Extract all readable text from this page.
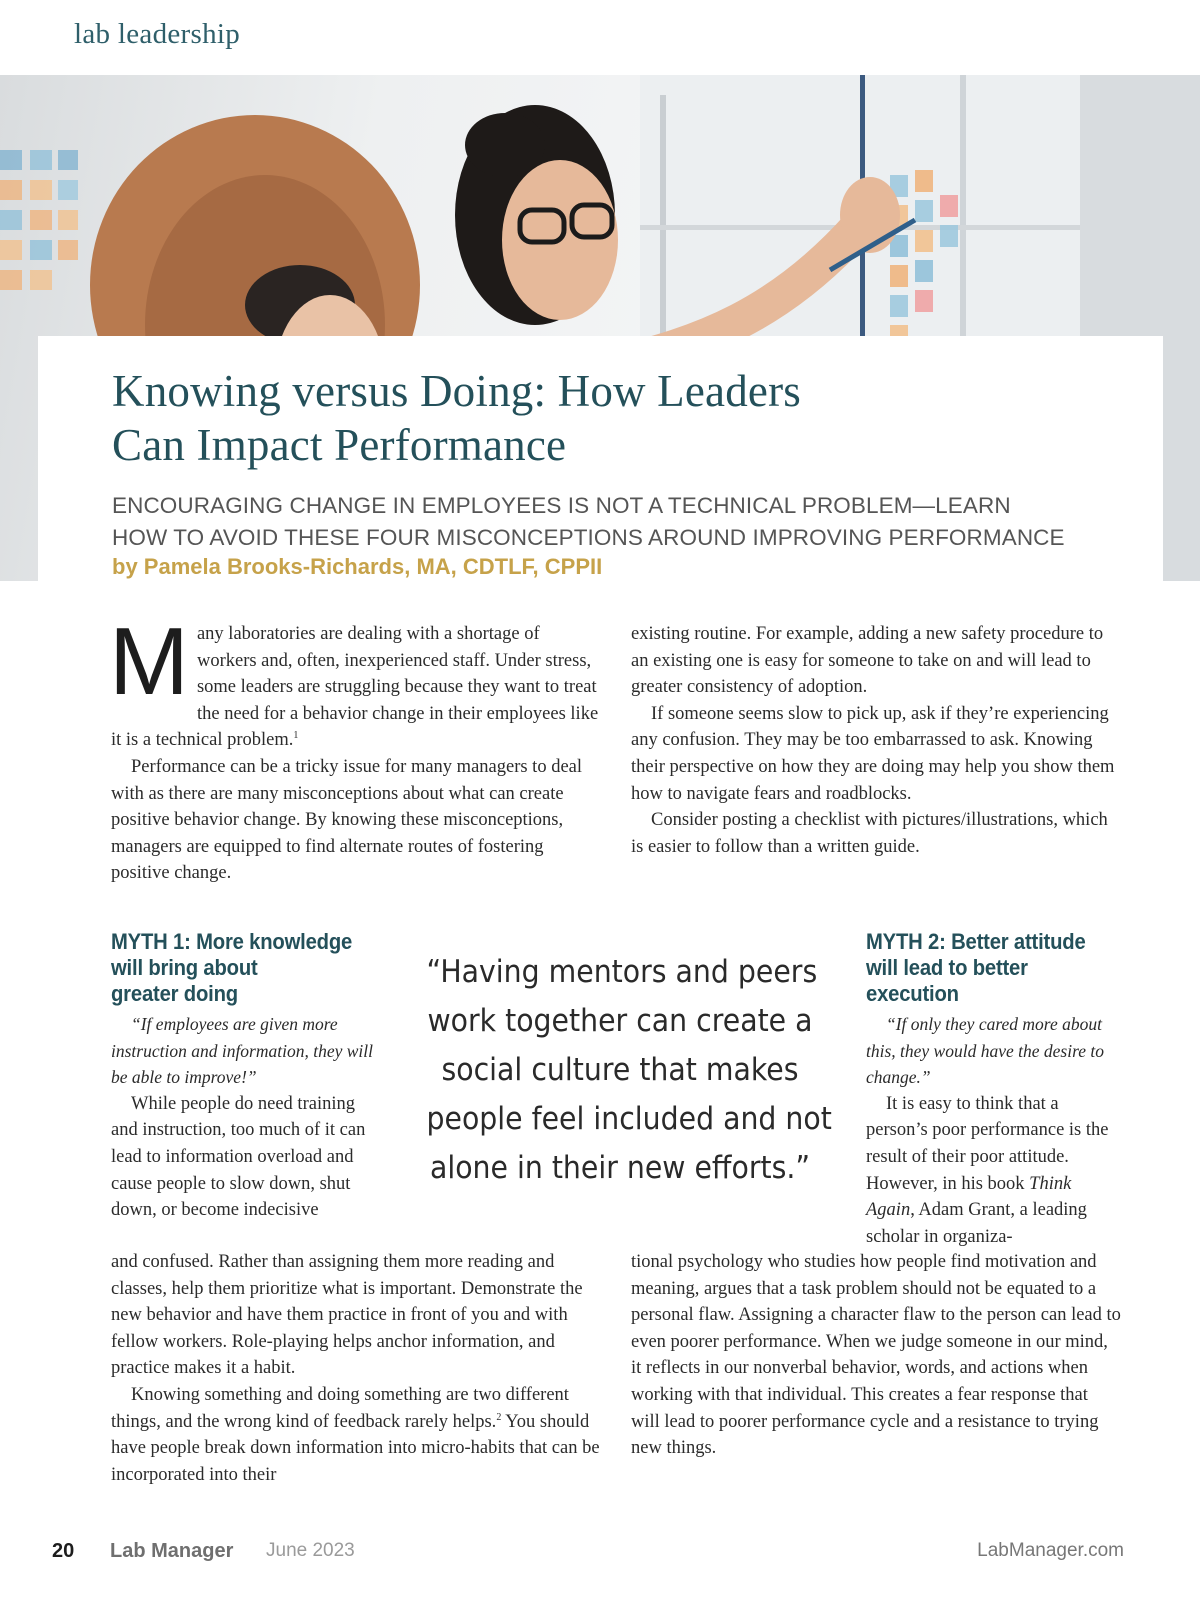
lab leadership
Knowing versus Doing: How Leaders
Can Impact Performance

ENCOURAGING CHANGE IN EMPLOYEES IS NOT A TECHNICAL PROBLEM—LEARN
HOW TO AVOID THESE FOUR MISCONCEPTIONS AROUND IMPROVING PERFORMANCE

by Pamela Brooks-Richards, MA, CDTLF, CPPII

Many laboratories are dealing with a shortage of workers and, often, inexperienced staff. Under stress, some leaders are struggling because they want to treat the need for a behavior change in their employees like it is a technical problem.$^1$

Performance can be a tricky issue for many managers to deal with as there are many misconceptions about what can create positive behavior change. By knowing these misconceptions, managers are equipped to find alternate routes of fostering positive change.

existing routine. For example, adding a new safety procedure to an existing one is easy for someone to take on and will lead to greater consistency of adoption.

If someone seems slow to pick up, ask if they’re experiencing any confusion. They may be too embarrassed to ask. Knowing their perspective on how they are doing may help you show them how to navigate fears and roadblocks.

Consider posting a checklist with pictures/illustrations, which is easier to follow than a written guide.

MYTH 1: More knowledge
will bring about
greater doing

“If employees are given more instruction and information, they will be able to improve!”

While people do need training and instruction, too much of it can lead to information overload and cause people to slow down, shut down, or become indecisive

and confused. Rather than assigning them more reading and classes, help them prioritize what is important. Demonstrate the new behavior and have them practice in front of you and with fellow workers. Role-playing helps anchor information, and practice makes it a habit.

Knowing something and doing something are two different things, and the wrong kind of feedback rarely helps.$^2$ You should have people break down information into micro-habits that can be incorporated into their

“Having mentors and peers
work together can create a
social culture that makes
people feel included and not
alone in their new efforts.”
MYTH 2: Better attitude
will lead to better
execution

“If only they cared more about this, they would have the desire to change.”

It is easy to think that a person’s poor performance is the result of their poor attitude. However, in his book Think Again, Adam Grant, a leading scholar in organiza-

tional psychology who studies how people find motivation and meaning, argues that a task problem should not be equated to a personal flaw. Assigning a character flaw to the person can lead to even poorer performance. When we judge someone in our mind, it reflects in our nonverbal behavior, words, and actions when working with that individual. This creates a fear response that will lead to poorer performance cycle and a resistance to trying new things.

20 Lab Manager June 2023	LabManager.com
